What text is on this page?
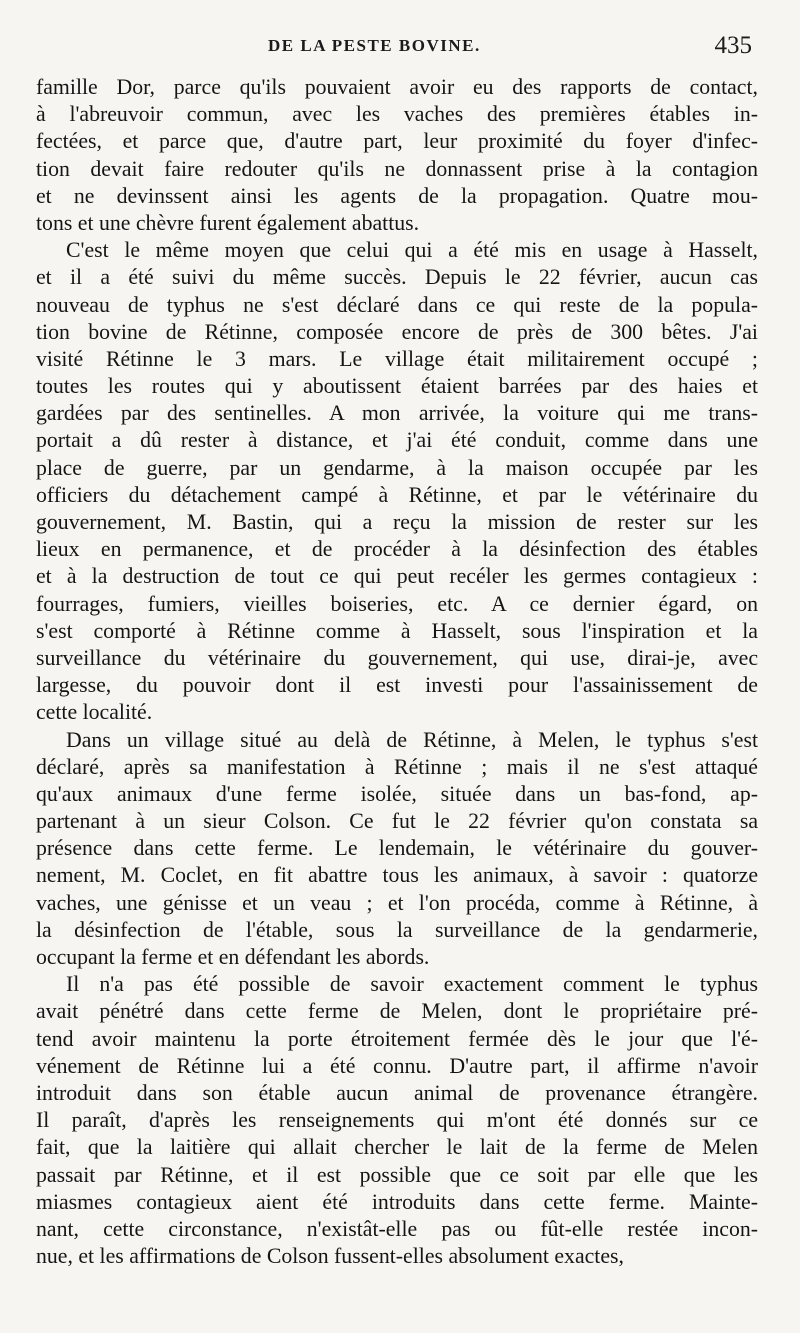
DE LA PESTE BOVINE.	435
famille Dor, parce qu'ils pouvaient avoir eu des rapports de contact,
à l'abreuvoir commun, avec les vaches des premières étables in-
fectées, et parce que, d'autre part, leur proximité du foyer d'infec-
tion devait faire redouter qu'ils ne donnassent prise à la contagion
et ne devinssent ainsi les agents de la propagation. Quatre mou-
tons et une chèvre furent également abattus.
C'est le même moyen que celui qui a été mis en usage à Hasselt,
et il a été suivi du même succès. Depuis le 22 février, aucun cas
nouveau de typhus ne s'est déclaré dans ce qui reste de la popula-
tion bovine de Rétinne, composée encore de près de 300 bêtes. J'ai
visité Rétinne le 3 mars. Le village était militairement occupé ;
toutes les routes qui y aboutissent étaient barrées par des haies et
gardées par des sentinelles. A mon arrivée, la voiture qui me trans-
portait a dû rester à distance, et j'ai été conduit, comme dans une
place de guerre, par un gendarme, à la maison occupée par les
officiers du détachement campé à Rétinne, et par le vétérinaire du
gouvernement, M. Bastin, qui a reçu la mission de rester sur les
lieux en permanence, et de procéder à la désinfection des étables
et à la destruction de tout ce qui peut recéler les germes contagieux :
fourrages, fumiers, vieilles boiseries, etc. A ce dernier égard, on
s'est comporté à Rétinne comme à Hasselt, sous l'inspiration et la
surveillance du vétérinaire du gouvernement, qui use, dirai-je, avec
largesse, du pouvoir dont il est investi pour l'assainissement de
cette localité.
Dans un village situé au delà de Rétinne, à Melen, le typhus s'est
déclaré, après sa manifestation à Rétinne ; mais il ne s'est attaqué
qu'aux animaux d'une ferme isolée, située dans un bas-fond, ap-
partenant à un sieur Colson. Ce fut le 22 février qu'on constata sa
présence dans cette ferme. Le lendemain, le vétérinaire du gouver-
nement, M. Coclet, en fit abattre tous les animaux, à savoir : quatorze
vaches, une génisse et un veau ; et l'on procéda, comme à Rétinne, à
la désinfection de l'étable, sous la surveillance de la gendarmerie,
occupant la ferme et en défendant les abords.
Il n'a pas été possible de savoir exactement comment le typhus
avait pénétré dans cette ferme de Melen, dont le propriétaire pré-
tend avoir maintenu la porte étroitement fermée dès le jour que l'é-
vénement de Rétinne lui a été connu. D'autre part, il affirme n'avoir
introduit dans son étable aucun animal de provenance étrangère.
Il paraît, d'après les renseignements qui m'ont été donnés sur ce
fait, que la laitière qui allait chercher le lait de la ferme de Melen
passait par Rétinne, et il est possible que ce soit par elle que les
miasmes contagieux aient été introduits dans cette ferme. Mainte-
nant, cette circonstance, n'existât-elle pas ou fût-elle restée incon-
nue, et les affirmations de Colson fussent-elles absolument exactes,
